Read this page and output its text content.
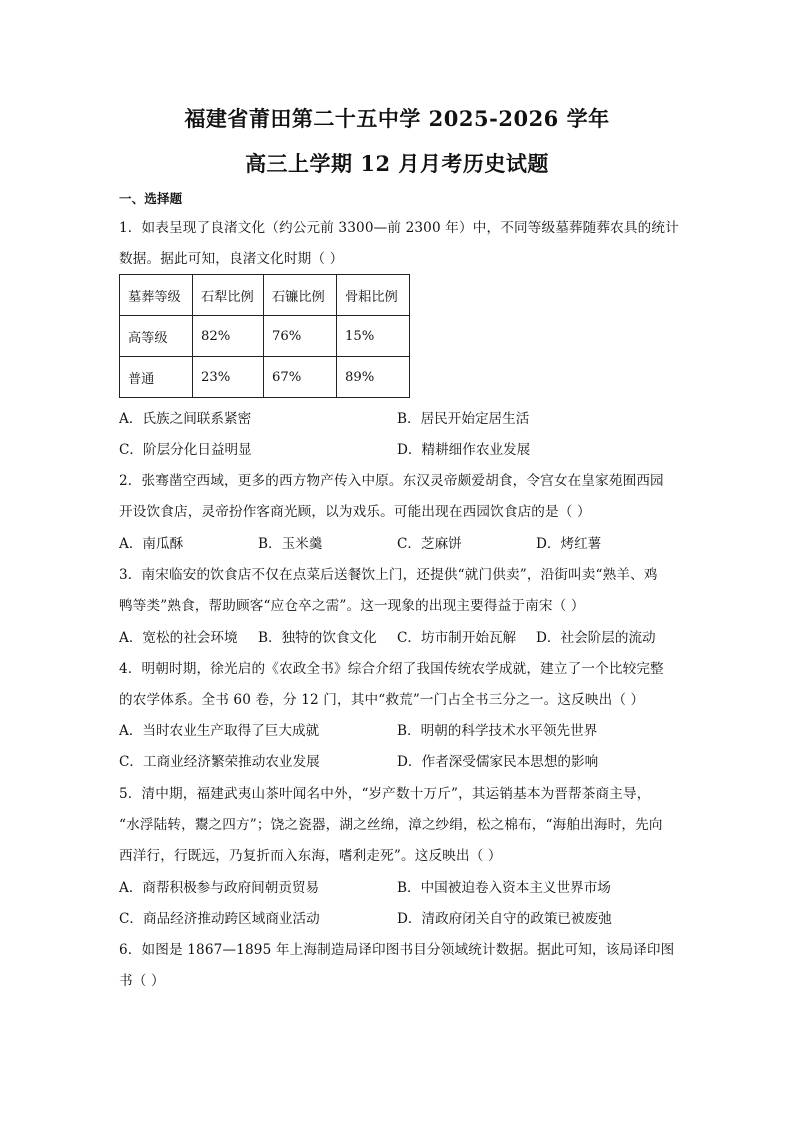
福建省莆田第二十五中学 2025-2026 学年
高三上学期 12 月月考历史试题
一、选择题
1．如表呈现了良渚文化（约公元前 3300—前 2300 年）中，不同等级墓葬随葬农具的统计
数据。据此可知，良渚文化时期（ ）
墓葬等级	石犁比例	石镰比例	骨耜比例
高等级	82%	76%	15%
普通	23%	67%	89%
A．氏族之间联系紧密	B．居民开始定居生活
C．阶层分化日益明显	D．精耕细作农业发展
2．张骞凿空西域，更多的西方物产传入中原。东汉灵帝颇爱胡食，令宫女在皇家苑囿西园
开设饮食店，灵帝扮作客商光顾，以为戏乐。可能出现在西园饮食店的是（ ）
A．南瓜酥	B．玉米羹	C．芝麻饼	D．烤红薯
3．南宋临安的饮食店不仅在点菜后送餐饮上门，还提供“就门供卖”，沿街叫卖“熟羊、鸡
鸭等类”熟食，帮助顾客“应仓卒之需”。这一现象的出现主要得益于南宋（ ）
A．宽松的社会环境 B．独特的饮食文化 C．坊市制开始瓦解 D．社会阶层的流动
4．明朝时期，徐光启的《农政全书》综合介绍了我国传统农学成就，建立了一个比较完整
的农学体系。全书 60 卷，分 12 门，其中“救荒”一门占全书三分之一。这反映出（ ）
A．当时农业生产取得了巨大成就	B．明朝的科学技术水平领先世界
C．工商业经济繁荣推动农业发展	D．作者深受儒家民本思想的影响
5．清中期，福建武夷山茶叶闻名中外，“岁产数十万斤”，其运销基本为晋帮茶商主导，
“水浮陆转，鬻之四方”；饶之瓷器，湖之丝绵，漳之纱绢，松之棉布，“海舶出海时，先向
西洋行，行既远，乃复折而入东海，嗜利走死”。这反映出（ ）
A．商帮积极参与政府间朝贡贸易	B．中国被迫卷入资本主义世界市场
C．商品经济推动跨区域商业活动	D．清政府闭关自守的政策已被废弛
6．如图是 1867—1895 年上海制造局译印图书目分领域统计数据。据此可知，该局译印图
书（ ）
